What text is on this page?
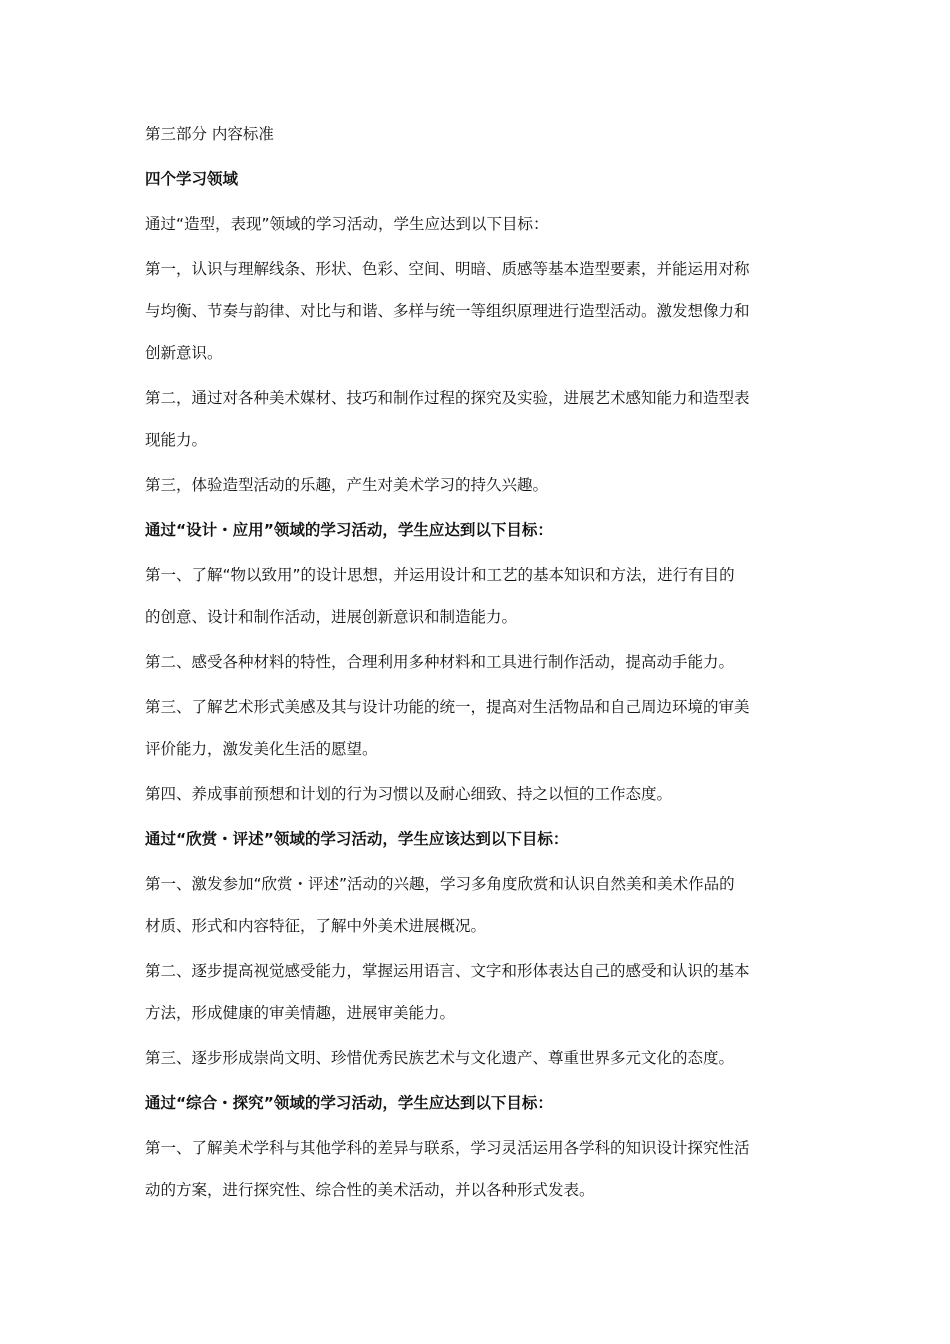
第三部分 内容标准

四个学习领域

通过“造型，表现”领域的学习活动，学生应达到以下目标：

第一，认识与理解线条、形状、色彩、空间、明暗、质感等基本造型要素，并能运用对称

与均衡、节奏与韵律、对比与和谐、多样与统一等组织原理进行造型活动。激发想像力和

创新意识。

第二，通过对各种美术媒材、技巧和制作过程的探究及实验，进展艺术感知能力和造型表

现能力。

第三，体验造型活动的乐趣，产生对美术学习的持久兴趣。

通过“设计・应用”领域的学习活动，学生应达到以下目标：

第一、了解“物以致用”的设计思想，并运用设计和工艺的基本知识和方法，进行有目的

的创意、设计和制作活动，进展创新意识和制造能力。

第二、感受各种材料的特性，合理利用多种材料和工具进行制作活动，提高动手能力。

第三、了解艺术形式美感及其与设计功能的统一，提高对生活物品和自己周边环境的审美

评价能力，激发美化生活的愿望。

第四、养成事前预想和计划的行为习惯以及耐心细致、持之以恒的工作态度。

通过“欣赏・评述”领域的学习活动，学生应该达到以下目标：

第一、激发参加“欣赏・评述”活动的兴趣，学习多角度欣赏和认识自然美和美术作品的

材质、形式和内容特征，了解中外美术进展概况。

第二、逐步提高视觉感受能力，掌握运用语言、文字和形体表达自己的感受和认识的基本

方法，形成健康的审美情趣，进展审美能力。

第三、逐步形成崇尚文明、珍惜优秀民族艺术与文化遗产、尊重世界多元文化的态度。

通过“综合・探究”领域的学习活动，学生应达到以下目标：

第一、了解美术学科与其他学科的差异与联系，学习灵活运用各学科的知识设计探究性活

动的方案，进行探究性、综合性的美术活动，并以各种形式发表。
